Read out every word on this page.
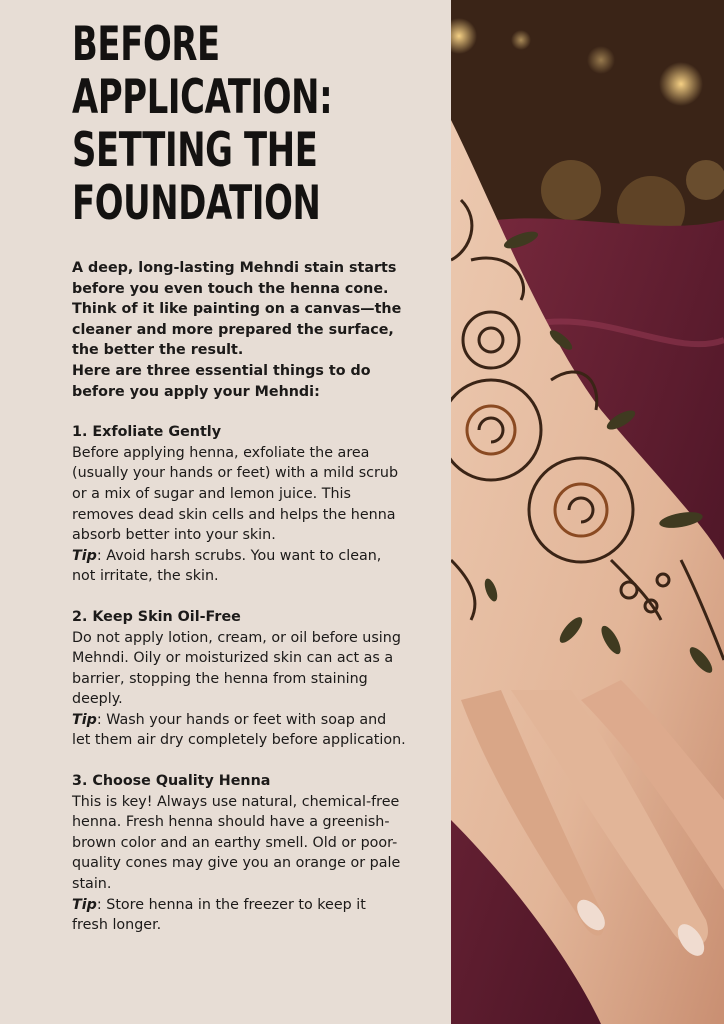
BEFORE
APPLICATION:
SETTING THE
FOUNDATION

A deep, long-lasting Mehndi stain starts before you even touch the henna cone. Think of it like painting on a canvas—the cleaner and more prepared the surface, the better the result.

Here are three essential things to do before you apply your Mehndi:

1. Exfoliate Gently

Before applying henna, exfoliate the area (usually your hands or feet) with a mild scrub or a mix of sugar and lemon juice. This removes dead skin cells and helps the henna absorb better into your skin.

Tip: Avoid harsh scrubs. You want to clean, not irritate, the skin.

2. Keep Skin Oil-Free

Do not apply lotion, cream, or oil before using Mehndi. Oily or moisturized skin can act as a barrier, stopping the henna from staining deeply.

Tip: Wash your hands or feet with soap and let them air dry completely before application.

3. Choose Quality Henna

This is key! Always use natural, chemical-free henna. Fresh henna should have a greenish-brown color and an earthy smell. Old or poor-quality cones may give you an orange or pale stain.

Tip: Store henna in the freezer to keep it fresh longer.
